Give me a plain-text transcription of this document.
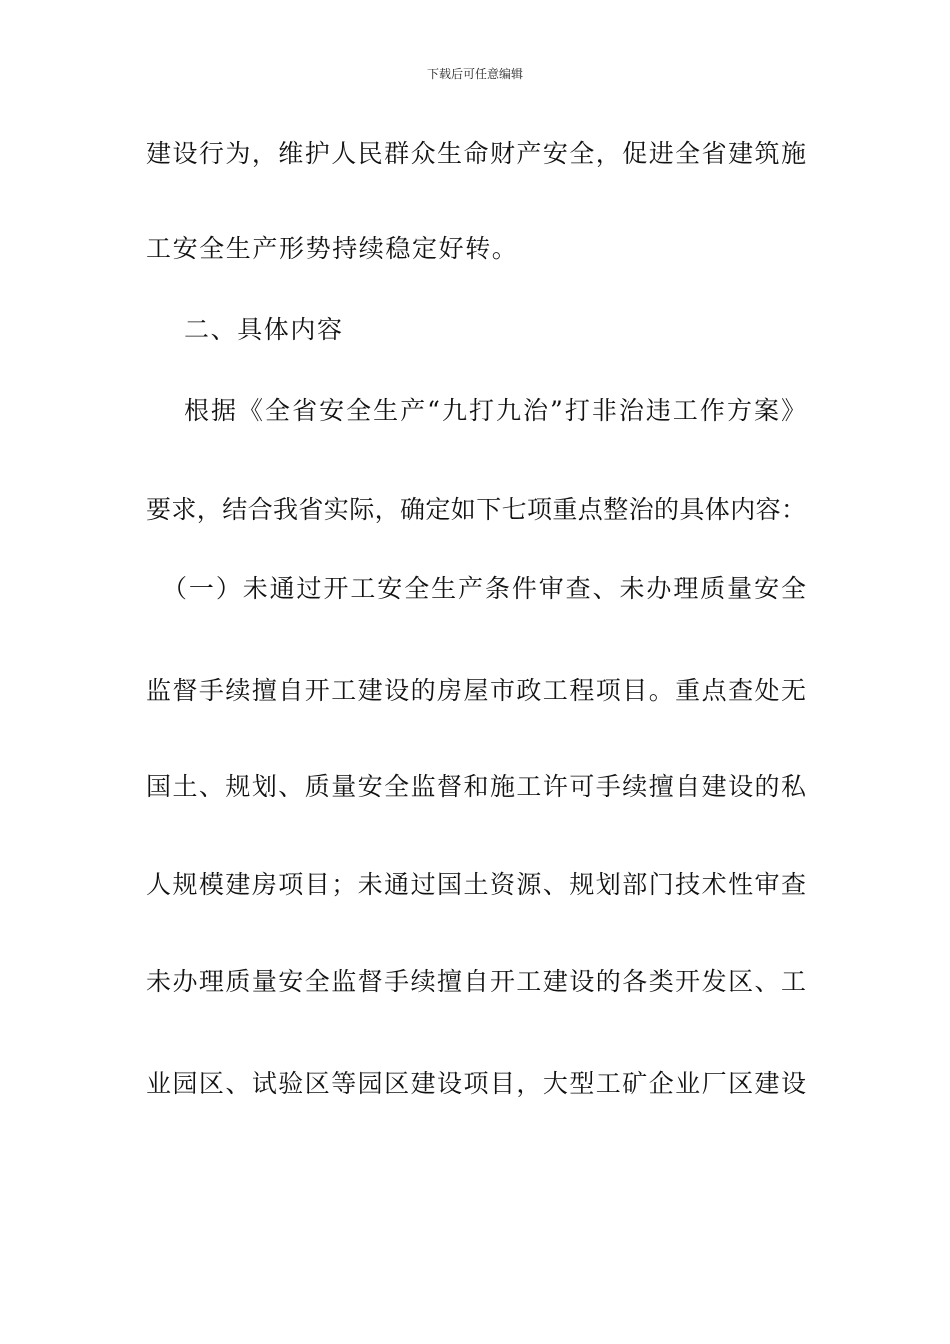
下载后可任意编辑
建设行为，维护人民群众生命财产安全，促进全省建筑施
工安全生产形势持续稳定好转。
二、具体内容
根据《全省安全生产“九打九治”打非治违工作方案》
要求，结合我省实际，确定如下七项重点整治的具体内容：
（一）未通过开工安全生产条件审查、未办理质量安全
监督手续擅自开工建设的房屋市政工程项目。重点查处无
国土、规划、质量安全监督和施工许可手续擅自建设的私
人规模建房项目；未通过国土资源、规划部门技术性审查
未办理质量安全监督手续擅自开工建设的各类开发区、工
业园区、试验区等园区建设项目，大型工矿企业厂区建设
